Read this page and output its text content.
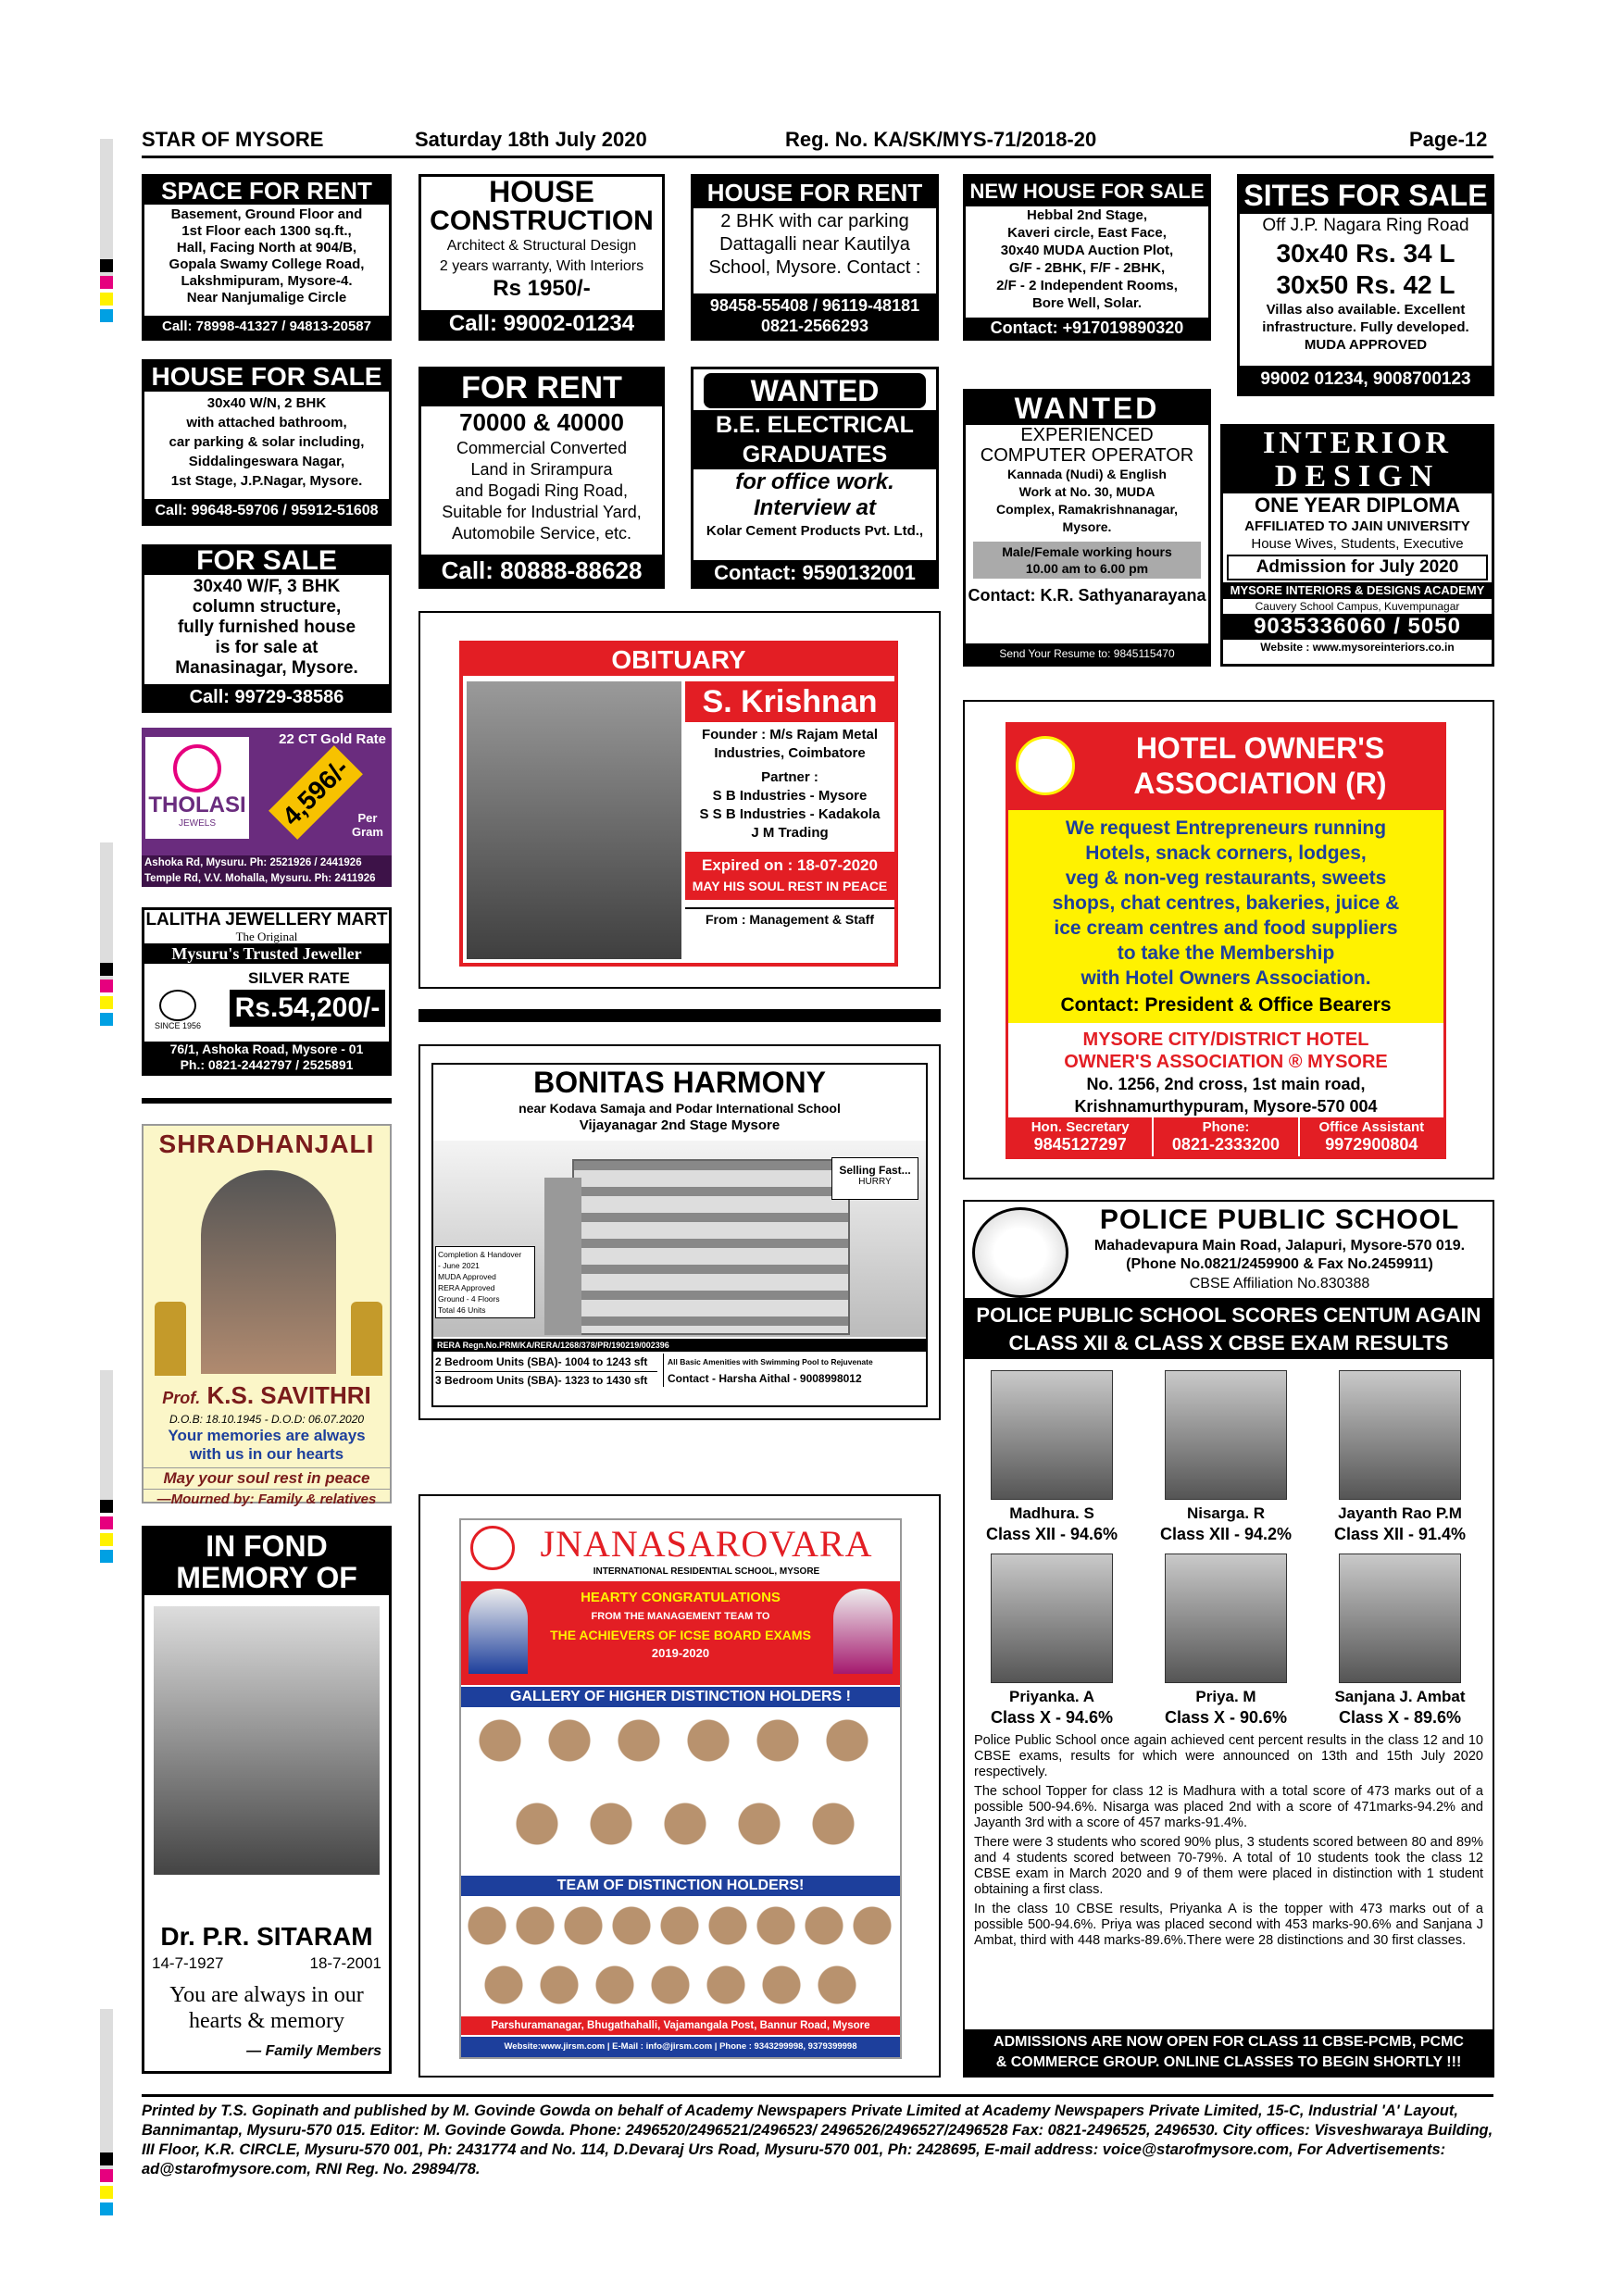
STAR OF MYSORE	Saturday 18th July 2020	Reg. No. KA/SK/MYS-71/2018-20	Page-12
SPACE FOR RENT
Basement, Ground Floor and
1st Floor each 1300 sq.ft.,
Hall, Facing North at 904/B,
Gopala Swamy College Road,
Lakshmipuram, Mysore-4.
Near Nanjumalige Circle
Call: 78998-41327 / 94813-20587
HOUSE
CONSTRUCTION
Architect & Structural Design
2 years warranty, With Interiors
Rs 1950/-
Call: 99002-01234
HOUSE FOR RENT
2 BHK with car parking
Dattagalli near Kautilya
School, Mysore. Contact :
98458-55408 / 96119-48181
0821-2566293
NEW HOUSE FOR SALE
Hebbal 2nd Stage,
Kaveri circle, East Face,
30x40 MUDA Auction Plot,
G/F - 2BHK, F/F - 2BHK,
2/F - 2 Independent Rooms,
Bore Well, Solar.
Contact: +917019890320
SITES FOR SALE
Off J.P. Nagara Ring Road
30x40 Rs. 34 L
30x50 Rs. 42 L
Villas also available. Excellent
infrastructure. Fully developed.
MUDA APPROVED
99002 01234, 9008700123
HOUSE FOR SALE
30x40 W/N, 2 BHK
with attached bathroom,
car parking & solar including,
Siddalingeswara Nagar,
1st Stage, J.P.Nagar, Mysore.
Call: 99648-59706 / 95912-51608
FOR RENT
70000 & 40000
Commercial Converted
Land in Srirampura
and Bogadi Ring Road,
Suitable for Industrial Yard,
Automobile Service, etc.
Call: 80888-88628
WANTED
B.E. ELECTRICAL
GRADUATES
for office work.
Interview at
Kolar Cement Products Pvt. Ltd.,
Contact: 9590132001
WANTED
EXPERIENCED
COMPUTER OPERATOR
Kannada (Nudi) & English
Work at No. 30, MUDA
Complex, Ramakrishnanagar,
Mysore.
Male/Female working hours
10.00 am to 6.00 pm
Contact: K.R. Sathyanarayana
Send Your Resume to: 9845115470
INTERIOR
DESIGN
ONE YEAR DIPLOMA
AFFILIATED TO JAIN UNIVERSITY
House Wives, Students, Executive
Admission for July 2020
MYSORE INTERIORS & DESIGNS ACADEMY
Cauvery School Campus, Kuvempunagar
9035336060 / 5050
Website : www.mysoreinteriors.co.in
FOR SALE
30x40 W/F, 3 BHK
column structure,
fully furnished house
is for sale at
Manasinagar, Mysore.
Call: 99729-38586
OBITUARY
S. Krishnan
Founder : M/s Rajam Metal
Industries, Coimbatore
Partner :
S B Industries - Mysore
S S B Industries - Kadakola
J M Trading
Expired on : 18-07-2020
MAY HIS SOUL REST IN PEACE
From : Management & Staff
HOTEL OWNER'S
ASSOCIATION (R)
We request Entrepreneurs running
Hotels, snack corners, lodges,
veg & non-veg restaurants, sweets
shops, chat centres, bakeries, juice &
ice cream centres and food suppliers
to take the Membership
with Hotel Owners Association.
Contact: President & Office Bearers
MYSORE CITY/DISTRICT HOTEL
OWNER'S ASSOCIATION ® MYSORE
No. 1256, 2nd cross, 1st main road,
Krishnamurthypuram, Mysore-570 004
Hon. Secretary
9845127297
Phone:
0821-2333200
Office Assistant
9972900804
22 CT Gold Rate
THOLASI
JEWELS	4,596/- Per Gram
Ashoka Rd, Mysuru. Ph: 2521926 / 2441926
Temple Rd, V.V. Mohalla, Mysuru. Ph: 2411926
LALITHA JEWELLERY MART
The Original
Mysuru's Trusted Jeweller
SILVER RATE
SINCE 1956
Rs.54,200/-
76/1, Ashoka Road, Mysore - 01
Ph.: 0821-2442797 / 2525891
BONITAS HARMONY
near Kodava Samaja and Podar International School
Vijayanagar 2nd Stage Mysore
Selling Fast...
HURRY
Completion & Handover
- June 2021
MUDA Approved
RERA Approved
Ground - 4 Floors
Total 46 Units
RERA Regn.No.PRM/KA/RERA/1268/378/PR/190219/002396
2 Bedroom Units (SBA)- 1004 to 1243 sft
3 Bedroom Units (SBA)- 1323 to 1430 sft
All Basic Amenities with Swimming Pool to Rejuvenate
Contact - Harsha Aithal - 9008998012
SHRADHANJALI
Prof. K.S. SAVITHRI
D.O.B: 18.10.1945 - D.O.D: 06.07.2020
Your memories are always
with us in our hearts
May your soul rest in peace
—Mourned by: Family & relatives
POLICE PUBLIC SCHOOL
Mahadevapura Main Road, Jalapuri, Mysore-570 019.
(Phone No.0821/2459900 & Fax No.2459911)
CBSE Affiliation No.830388
POLICE PUBLIC SCHOOL SCORES CENTUM AGAIN
CLASS XII & CLASS X CBSE EXAM RESULTS
Madhura. S
Class XII - 94.6%
Nisarga. R
Class XII - 94.2%
Jayanth Rao P.M
Class XII - 91.4%
Priyanka. A
Class X - 94.6%
Priya. M
Class X - 90.6%
Sanjana J. Ambat
Class X - 89.6%
Police Public School once again achieved cent percent results in the class 12 and 10 CBSE exams, results for which were announced on 13th and 15th July 2020 respectively.
The school Topper for class 12 is Madhura with a total score of 473 marks out of a possible 500-94.6%. Nisarga was placed 2nd with a score of 471marks-94.2% and Jayanth 3rd with a score of 457 marks-91.4%.
There were 3 students who scored 90% plus, 3 students scored between 80 and 89% and 4 students scored between 70-79%. A total of 10 students took the class 12 CBSE exam in March 2020 and 9 of them were placed in distinction with 1 student obtaining a first class.
In the class 10 CBSE results, Priyanka A is the topper with 473 marks out of a possible 500-94.6%. Priya was placed second with 453 marks-90.6% and Sanjana J Ambat, third with 448 marks-89.6%.There were 28 distinctions and 30 first classes.
ADMISSIONS ARE NOW OPEN FOR CLASS 11 CBSE-PCMB, PCMC
& COMMERCE GROUP. ONLINE CLASSES TO BEGIN SHORTLY !!!
IN FOND
MEMORY OF
Dr. P.R. SITARAM
14-7-1927	18-7-2001
You are always in our
hearts & memory
— Family Members
JNANASAROVARA
INTERNATIONAL RESIDENTIAL SCHOOL, MYSORE
HEARTY CONGRATULATIONS
FROM THE MANAGEMENT TEAM TO
THE ACHIEVERS OF ICSE BOARD EXAMS
2019-2020
GALLERY OF HIGHER DISTINCTION HOLDERS !
TEAM OF DISTINCTION HOLDERS!
Parshuramanagar, Bhugathahalli, Vajamangala Post, Bannur Road, Mysore
Website:www.jirsm.com | E-Mail : info@jirsm.com | Phone : 9343299998, 9379399998
Printed by T.S. Gopinath and published by M. Govinde Gowda on behalf of Academy Newspapers Private Limited at Academy Newspapers Private Limited, 15-C, Industrial 'A' Layout, Bannimantap, Mysuru-570 015. Editor: M. Govinde Gowda. Phone: 2496520/2496521/2496523/ 2496526/2496527/2496528 Fax: 0821-2496525, 2496530. City offices: Visveshwaraya Building, III Floor, K.R. CIRCLE, Mysuru-570 001, Ph: 2431774 and No. 114, D.Devaraj Urs Road, Mysuru-570 001, Ph: 2428695, E-mail address: voice@starofmysore.com, For Advertisements: ad@starofmysore.com, RNI Reg. No. 29894/78.
